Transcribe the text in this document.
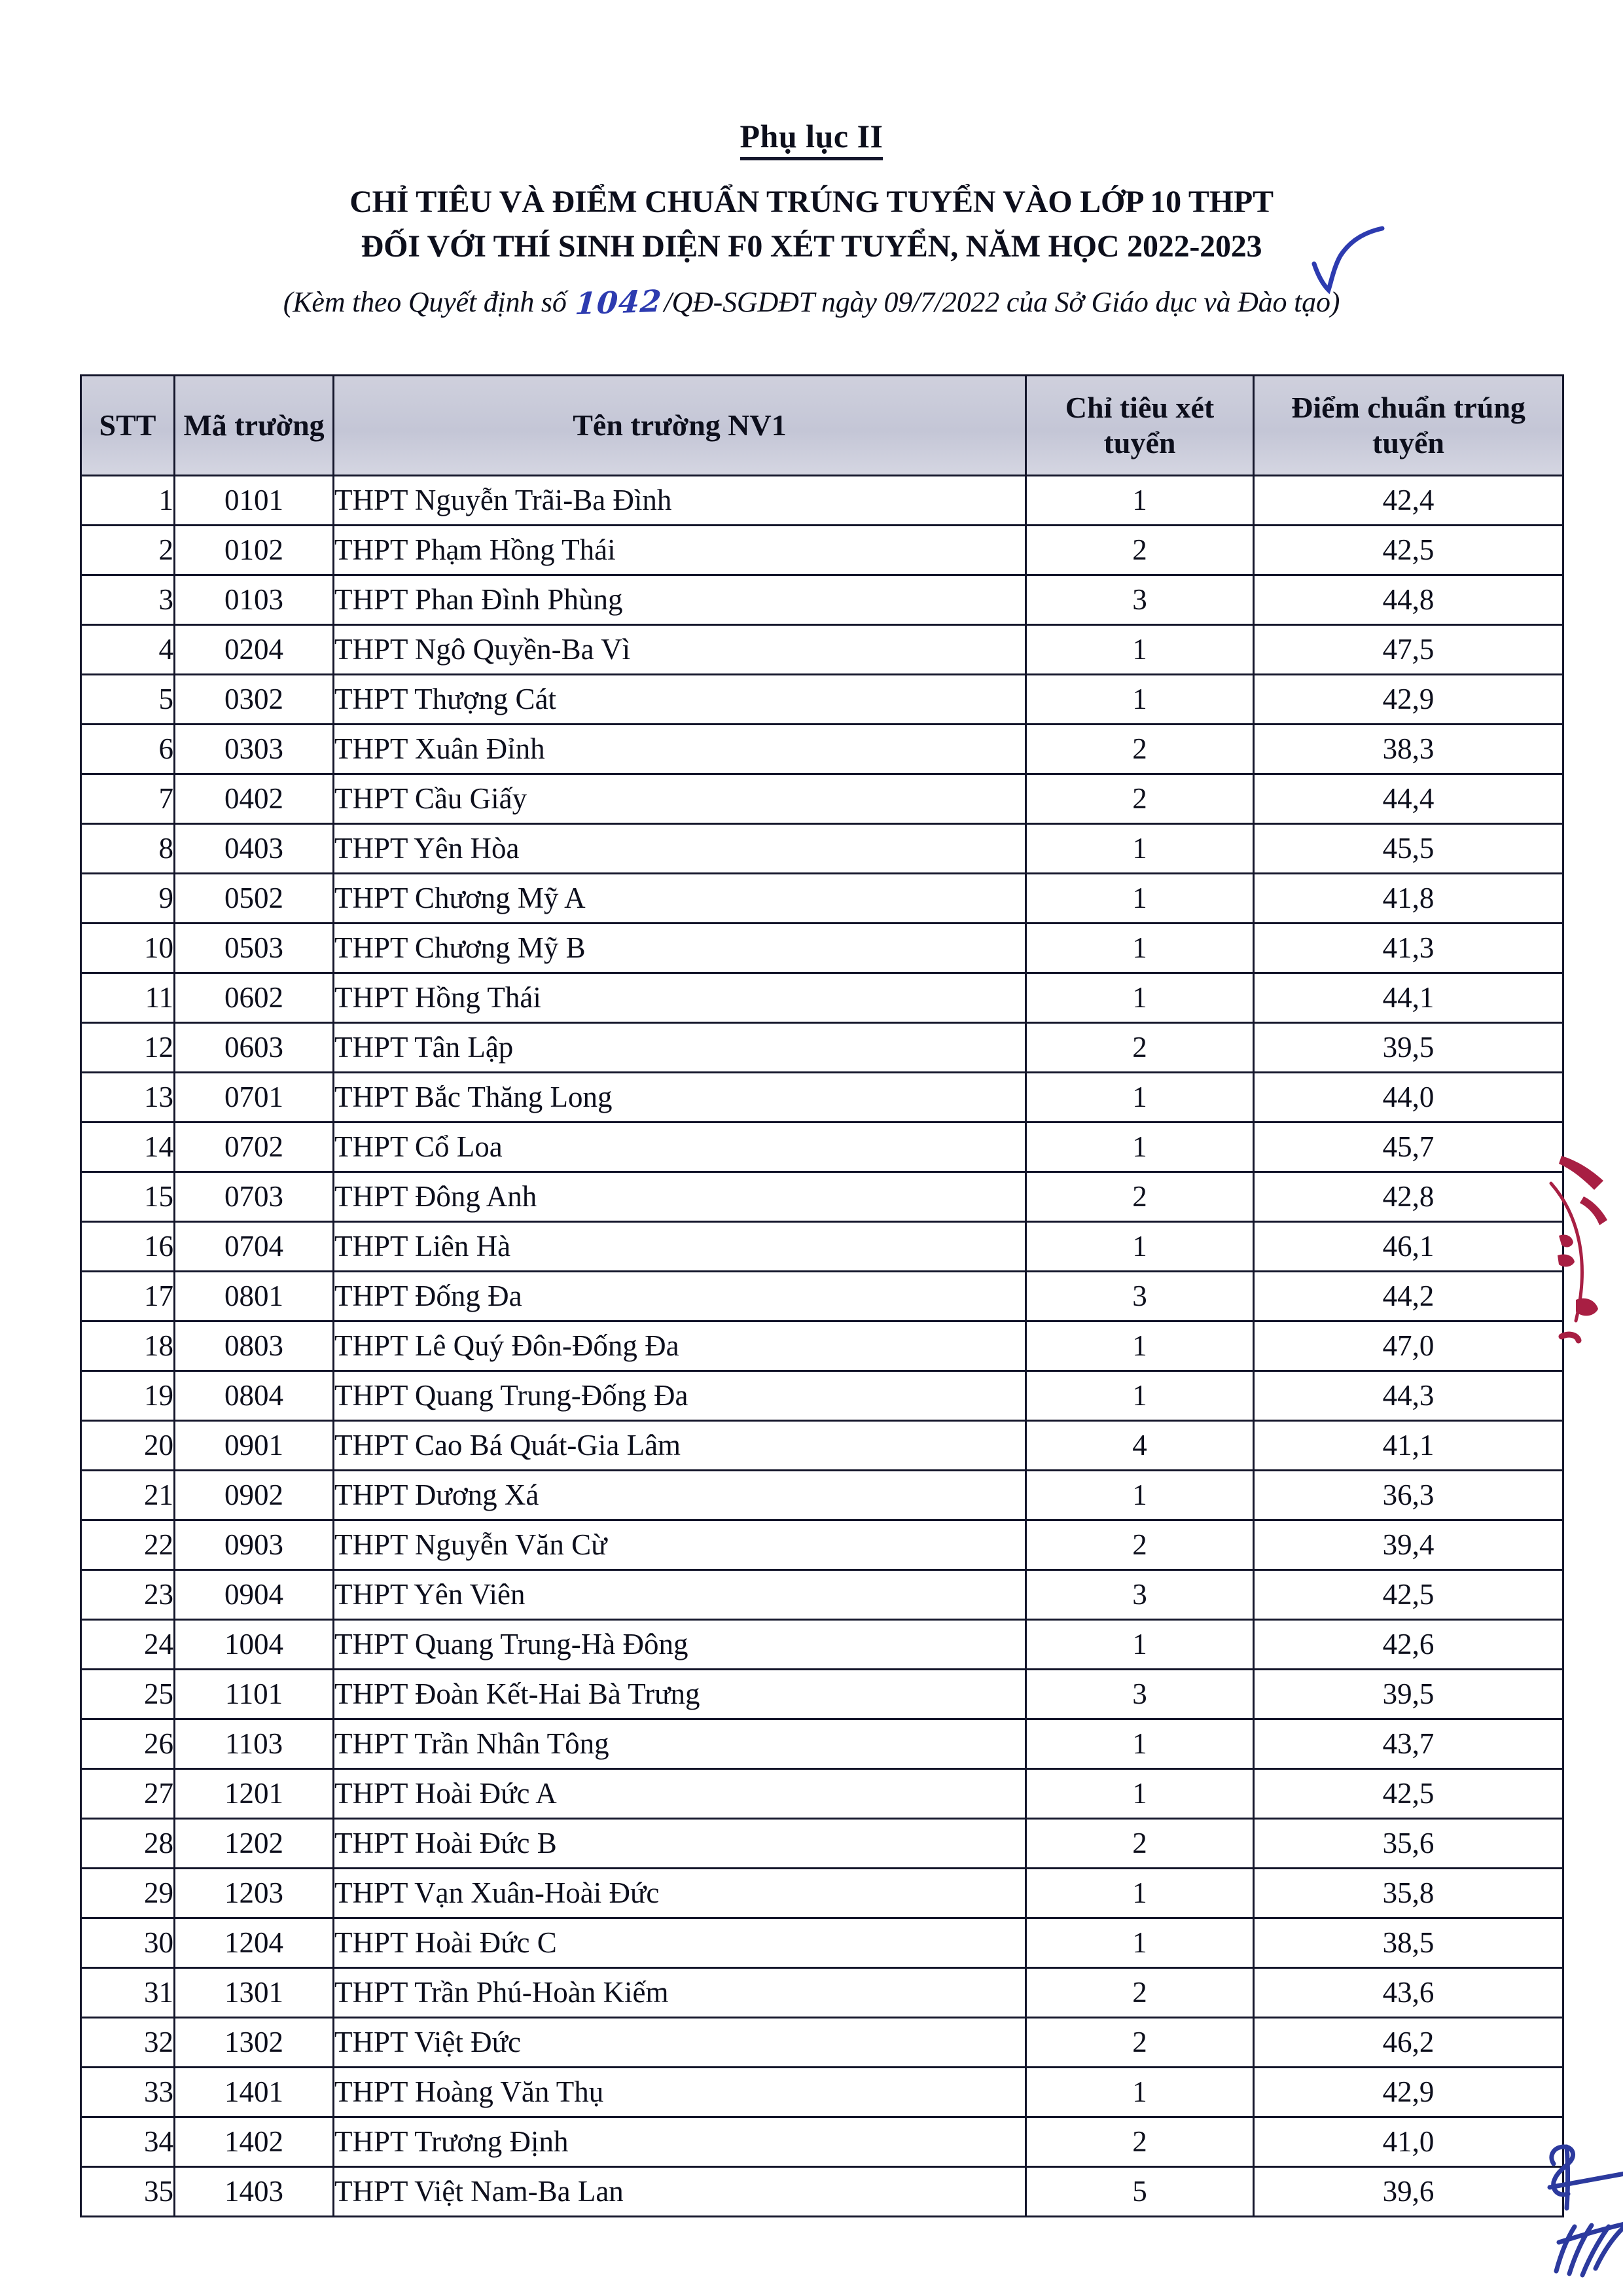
Phụ lục II
CHỈ TIÊU VÀ ĐIỂM CHUẨN TRÚNG TUYỂN VÀO LỚP 10 THPT
ĐỐI VỚI THÍ SINH DIỆN F0 XÉT TUYỂN, NĂM HỌC 2022-2023
(Kèm theo Quyết định số 1042/QĐ-SGDĐT ngày 09/7/2022 của Sở Giáo dục và Đào tạo)
STT	Mã trường	Tên trường NV1	Chỉ tiêu xét tuyển	Điểm chuẩn trúng tuyển
1	0101	THPT Nguyễn Trãi-Ba Đình	1	42,4
2	0102	THPT Phạm Hồng Thái	2	42,5
3	0103	THPT Phan Đình Phùng	3	44,8
4	0204	THPT Ngô Quyền-Ba Vì	1	47,5
5	0302	THPT Thượng Cát	1	42,9
6	0303	THPT Xuân Đỉnh	2	38,3
7	0402	THPT Cầu Giấy	2	44,4
8	0403	THPT Yên Hòa	1	45,5
9	0502	THPT Chương Mỹ A	1	41,8
10	0503	THPT Chương Mỹ B	1	41,3
11	0602	THPT Hồng Thái	1	44,1
12	0603	THPT Tân Lập	2	39,5
13	0701	THPT Bắc Thăng Long	1	44,0
14	0702	THPT Cổ Loa	1	45,7
15	0703	THPT Đông Anh	2	42,8
16	0704	THPT Liên Hà	1	46,1
17	0801	THPT Đống Đa	3	44,2
18	0803	THPT Lê Quý Đôn-Đống Đa	1	47,0
19	0804	THPT Quang Trung-Đống Đa	1	44,3
20	0901	THPT Cao Bá Quát-Gia Lâm	4	41,1
21	0902	THPT Dương Xá	1	36,3
22	0903	THPT Nguyễn Văn Cừ	2	39,4
23	0904	THPT Yên Viên	3	42,5
24	1004	THPT Quang Trung-Hà Đông	1	42,6
25	1101	THPT Đoàn Kết-Hai Bà Trưng	3	39,5
26	1103	THPT Trần Nhân Tông	1	43,7
27	1201	THPT Hoài Đức A	1	42,5
28	1202	THPT Hoài Đức B	2	35,6
29	1203	THPT Vạn Xuân-Hoài Đức	1	35,8
30	1204	THPT Hoài Đức C	1	38,5
31	1301	THPT Trần Phú-Hoàn Kiếm	2	43,6
32	1302	THPT Việt Đức	2	46,2
33	1401	THPT Hoàng Văn Thụ	1	42,9
34	1402	THPT Trương Định	2	41,0
35	1403	THPT Việt Nam-Ba Lan	5	39,6
